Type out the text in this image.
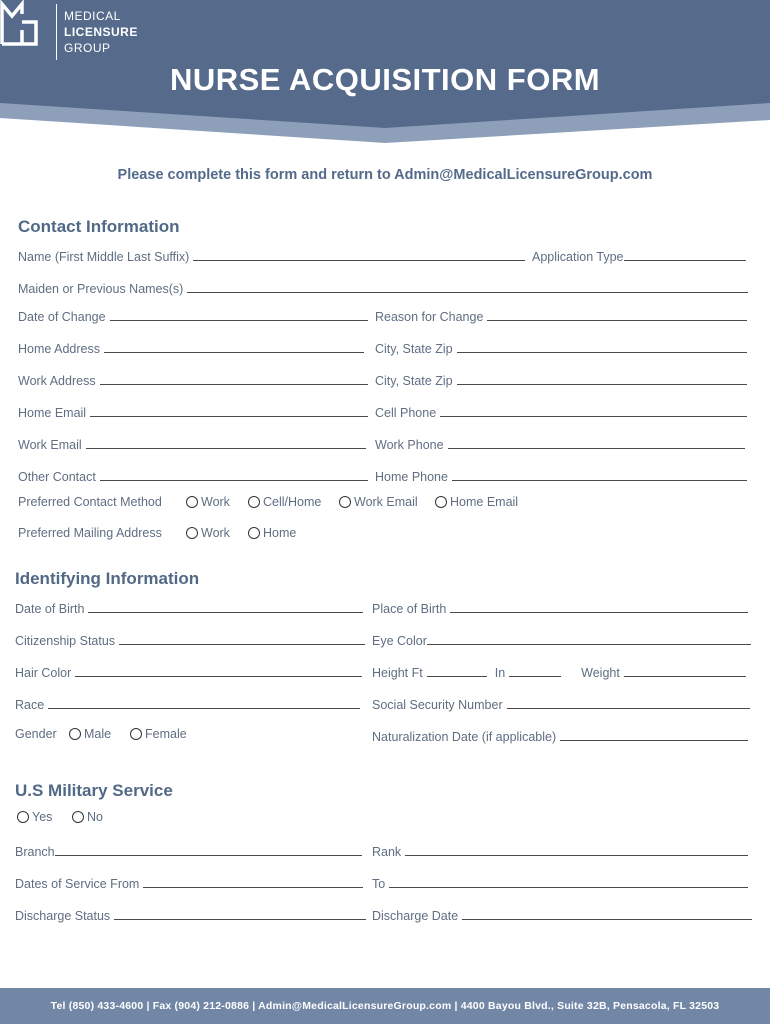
MEDICAL
LICENSURE
GROUP
NURSE ACQUISITION FORM
Please complete this form and return to Admin@MedicalLicensureGroup.com
Contact Information
Name (First Middle Last Suffix)	Application Type
Maiden or Previous Names(s)
Date of Change	Reason for Change
Home Address	City, State Zip
Work Address	City, State Zip
Home Email	Cell Phone
Work Email	Work Phone
Other Contact	Home Phone
Preferred Contact Method	Work	Cell/Home	Work Email	Home Email
Preferred Mailing Address	Work	Home
Identifying Information
Date of Birth	Place of Birth
Citizenship Status	Eye Color
Hair Color	Height Ft	In	Weight
Race	Social Security Number
Gender Male	Female	Naturalization Date (if applicable)
U.S Military Service
Yes	No
Branch	Rank
Dates of Service From	To
Discharge Status	Discharge Date
Tel (850) 433-4600 | Fax (904) 212-0886 | Admin@MedicalLicensureGroup.com | 4400 Bayou Blvd., Suite 32B, Pensacola, FL 32503
